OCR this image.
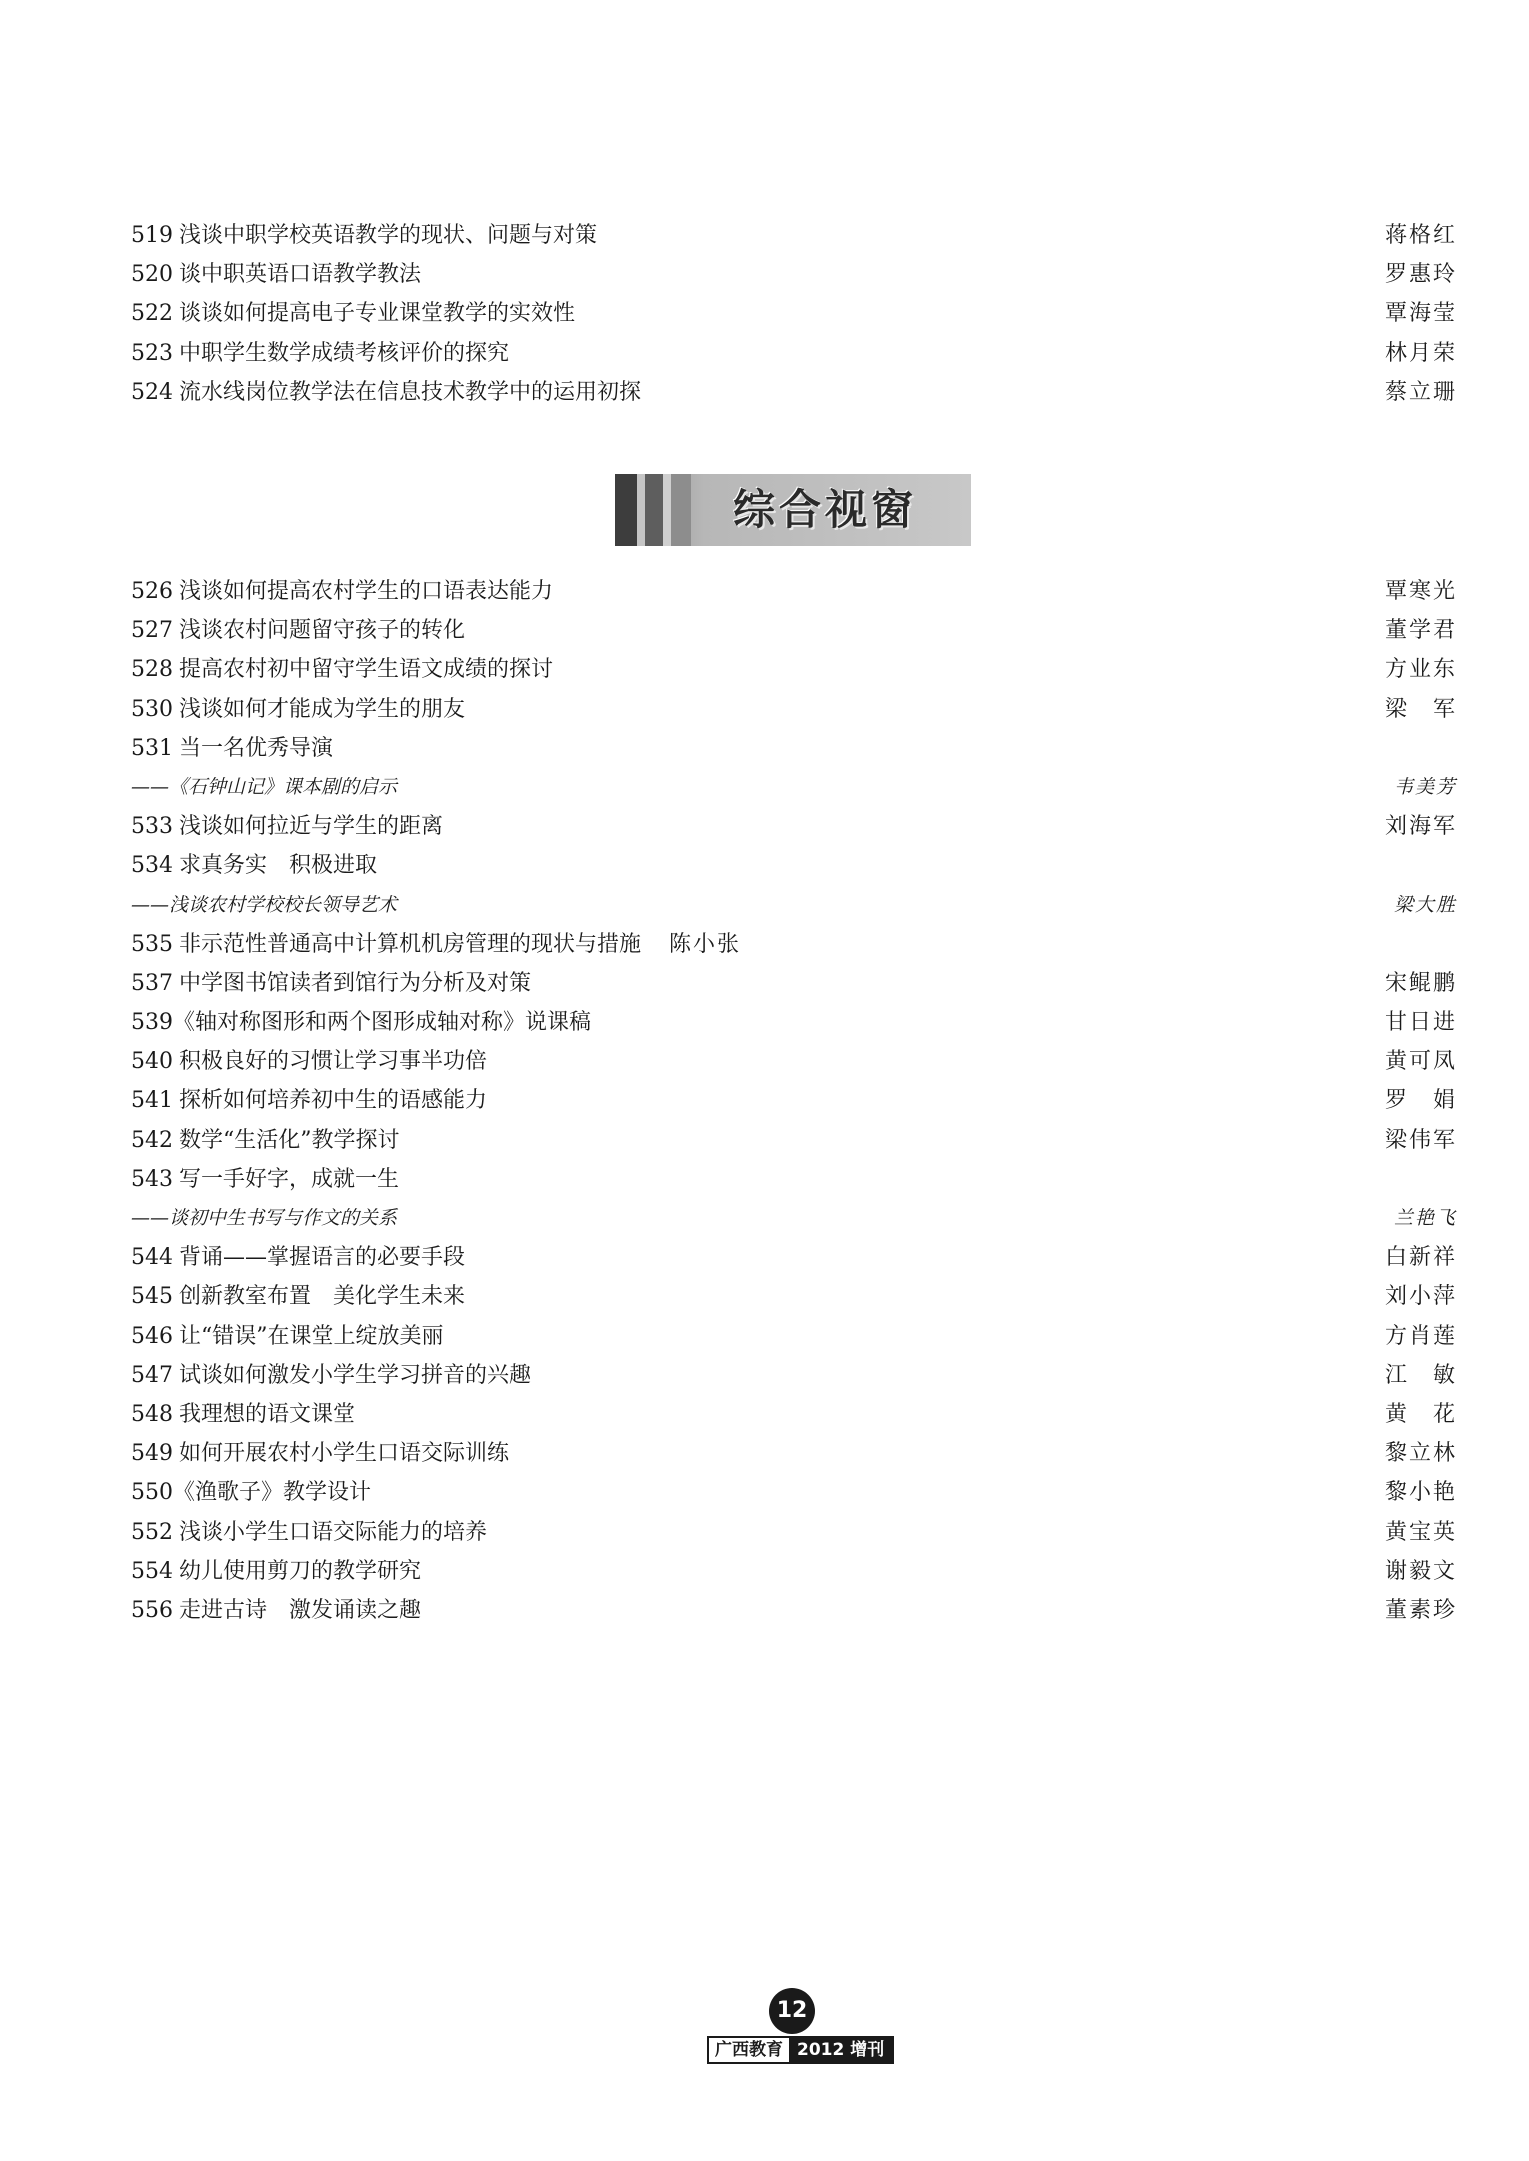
519 浅谈中职学校英语教学的现状、问题与对策	蒋格红
520 谈中职英语口语教学教法	罗惠玲
522 谈谈如何提高电子专业课堂教学的实效性	覃海莹
523 中职学生数学成绩考核评价的探究	林月荣
524 流水线岗位教学法在信息技术教学中的运用初探	蔡立珊
综合视窗
526 浅谈如何提高农村学生的口语表达能力	覃寒光
527 浅谈农村问题留守孩子的转化	董学君
528 提高农村初中留守学生语文成绩的探讨	方业东
530 浅谈如何才能成为学生的朋友	梁　军
531 当一名优秀导演
——《石钟山记》课本剧的启示	韦美芳
533 浅谈如何拉近与学生的距离	刘海军
534 求真务实　积极进取
——浅谈农村学校校长领导艺术	梁大胜
535 非示范性普通高中计算机机房管理的现状与措施 陈小张
537 中学图书馆读者到馆行为分析及对策	宋鲲鹏
539 《轴对称图形和两个图形成轴对称》说课稿	甘日进
540 积极良好的习惯让学习事半功倍	黄可凤
541 探析如何培养初中生的语感能力	罗　娟
542 数学“生活化”教学探讨	梁伟军
543 写一手好字，成就一生
——谈初中生书写与作文的关系	兰艳飞
544 背诵——掌握语言的必要手段	白新祥
545 创新教室布置　美化学生未来	刘小萍
546 让“错误”在课堂上绽放美丽	方肖莲
547 试谈如何激发小学生学习拼音的兴趣	江　敏
548 我理想的语文课堂	黄　花
549 如何开展农村小学生口语交际训练	黎立林
550 《渔歌子》教学设计	黎小艳
552 浅谈小学生口语交际能力的培养	黄宝英
554 幼儿使用剪刀的教学研究	谢毅文
556 走进古诗　激发诵读之趣	董素珍
12
广西教育 2012 增刊
